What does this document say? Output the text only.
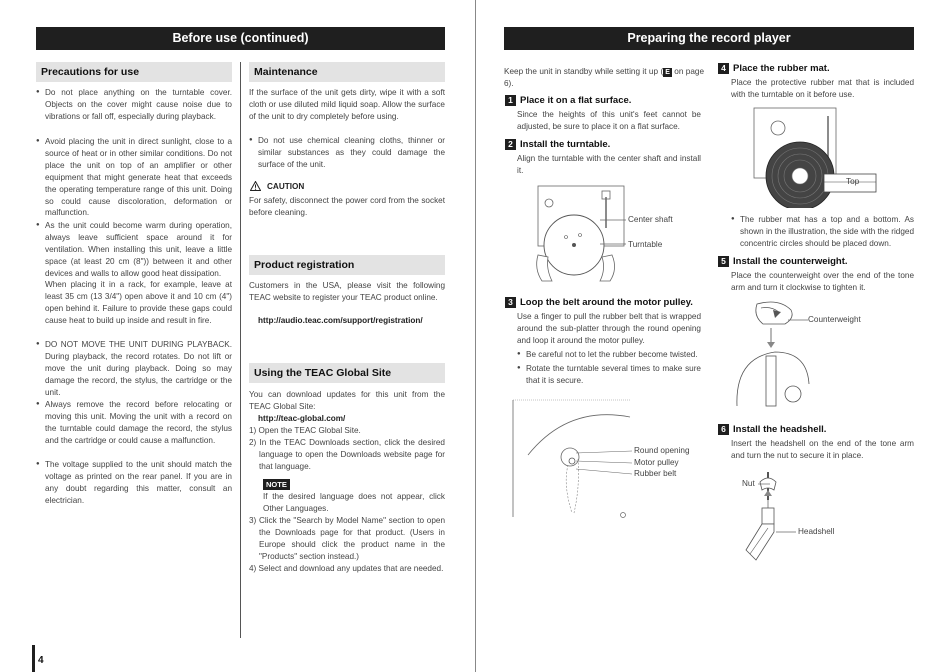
Before use (continued)
Precautions for use
● Do not place anything on the turntable cover. Objects on the cover might cause noise due to vibrations or fall off, especially during playback.
● Avoid placing the unit in direct sunlight, close to a source of heat or in other similar conditions. Do not place the unit on top of an amplifier or other equipment that might generate heat that exceeds the operating temperature range of this unit. Doing so could cause discoloration, deformation or malfunction.
● As the unit could become warm during operation, always leave sufficient space around it for ventilation. When installing this unit, leave a little space (at least 20 cm (8")) between it and other devices and walls to allow good heat dissipation.
When placing it in a rack, for example, leave at least 35 cm (13 3/4") open above it and 10 cm (4") open behind it. Failure to provide these gaps could cause heat to build up inside and result in fire.
● DO NOT MOVE THE UNIT DURING PLAYBACK. During playback, the record rotates. Do not lift or move the unit during playback. Doing so may damage the record, the stylus, the cartridge or the unit.
● Always remove the record before relocating or moving this unit. Moving the unit with a record on the turntable could damage the record, the stylus and the cartridge or could cause a malfunction.
● The voltage supplied to the unit should match the voltage as printed on the rear panel. If you are in any doubt regarding this matter, consult an electrician.
Maintenance
If the surface of the unit gets dirty, wipe it with a soft cloth or use diluted mild liquid soap. Allow the surface of the unit to dry completely before using.
● Do not use chemical cleaning cloths, thinner or similar substances as they could damage the surface of the unit.
CAUTION
For safety, disconnect the power cord from the socket before cleaning.
Product registration
Customers in the USA, please visit the following TEAC website to register your TEAC product online.
http://audio.teac.com/support/registration/
Using the TEAC Global Site
You can download updates for this unit from the TEAC Global Site:
http://teac-global.com/
1) Open the TEAC Global Site.
2) In the TEAC Downloads section, click the desired language to open the Downloads website page for that language.
NOTE
If the desired language does not appear, click Other Languages.
3) Click the "Search by Model Name" section to open the Downloads page for that product. (Users in Europe should click the product name in the "Products" section instead.)
4) Select and download any updates that are needed.
4
Preparing the record player
Keep the unit in standby while setting it up ( E on page 6).
1 Place it on a flat surface.
Since the heights of this unit's feet cannot be adjusted, be sure to place it on a flat surface.
2 Install the turntable.
Align the turntable with the center shaft and install it.
Center shaft
Turntable
3 Loop the belt around the motor pulley.
Use a finger to pull the rubber belt that is wrapped around the sub-platter through the round opening and loop it around the motor pulley.
● Be careful not to let the rubber become twisted.
● Rotate the turntable several times to make sure that it is secure.
Round opening
Motor pulley
Rubber belt
4 Place the rubber mat.
Place the protective rubber mat that is included with the turntable on it before use.
Top
● The rubber mat has a top and a bottom. As shown in the illustration, the side with the ridged concentric circles should be placed down.
5 Install the counterweight.
Place the counterweight over the end of the tone arm and turn it clockwise to tighten it.
Counterweight
6 Install the headshell.
Insert the headshell on the end of the tone arm and turn the nut to secure it in place.
Nut
Headshell
